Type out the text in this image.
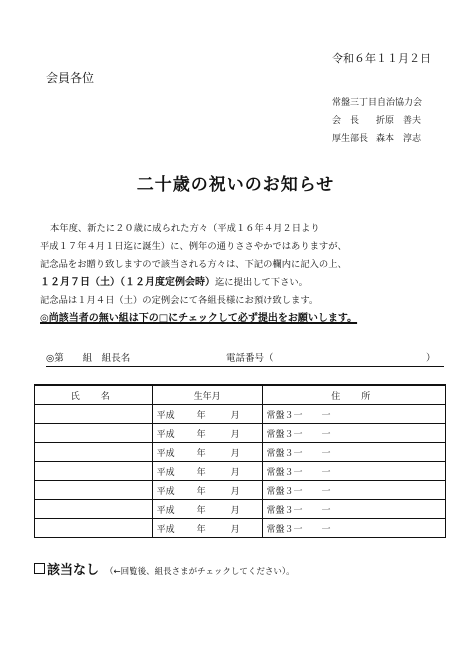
令和６年１１月２日
会員各位
常盤三丁目自治協力会
会　長	折原　善夫
厚生部長 森本　淳志
二十歳の祝いのお知らせ

本年度、新たに２０歳に成られた方々（平成１６年４月２日より

平成１７年４月１日迄に誕生）に、例年の通りささやかではありますが、

記念品をお贈り致しますので該当される方々は、下記の欄内に記入の上、

１２月７日（土）（１２月度定例会時）迄に提出して下さい。

記念品は１月４日（土）の定例会にて各組長様にお預け致します。

◎尚該当者の無い組は下の□にチェックして必ず提出をお願いします。

◎第　　組　組長名	電話番号（	）
氏　名	生年月	住　所
	平成 年 月	常盤３一 一
	平成 年 月	常盤３一 一
	平成 年 月	常盤３一 一
	平成 年 月	常盤３一 一
	平成 年 月	常盤３一 一
	平成 年 月	常盤３一 一
	平成 年 月	常盤３一 一
該当なし （←回覧後、組長さまがチェックしてください）。
